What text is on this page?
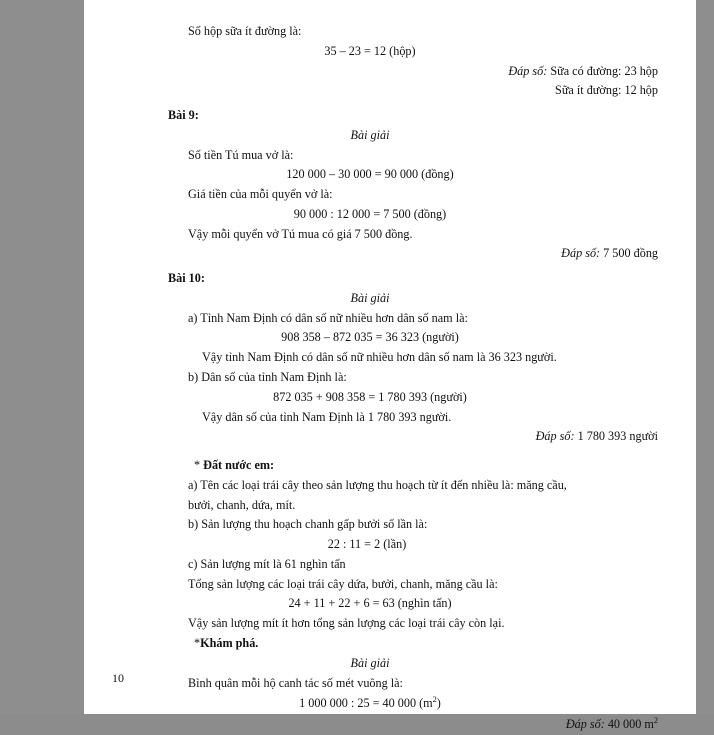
Số hộp sữa ít đường là:
35 – 23 = 12 (hộp)
Đáp số: Sữa có đường: 23 hộp
Sữa ít đường: 12 hộp
Bài 9:
Bài giải
Số tiền Tú mua vở là:
120 000 – 30 000 = 90 000 (đồng)
Giá tiền của mỗi quyển vở là:
90 000 : 12 000 = 7 500 (đồng)
Vậy mỗi quyển vở Tú mua có giá 7 500 đồng.
Đáp số: 7 500 đồng
Bài 10:
Bài giải
a) Tỉnh Nam Định có dân số nữ nhiều hơn dân số nam là:
908 358 – 872 035 = 36 323 (người)
Vậy tỉnh Nam Định có dân số nữ nhiều hơn dân số nam là 36 323 người.
b) Dân số của tỉnh Nam Định là:
872 035 + 908 358 = 1 780 393 (người)
Vậy dân số của tỉnh Nam Định là 1 780 393 người.
Đáp số: 1 780 393 người
* Đất nước em:
a) Tên các loại trái cây theo sản lượng thu hoạch từ ít đến nhiều là: măng cầu,
bưởi, chanh, dứa, mít.
b) Sản lượng thu hoạch chanh gấp bưởi số lần là:
22 : 11 = 2 (lần)
c) Sản lượng mít là 61 nghìn tấn
Tổng sản lượng các loại trái cây dứa, bưởi, chanh, măng cầu là:
24 + 11 + 22 + 6 = 63 (nghìn tấn)
Vậy sản lượng mít ít hơn tổng sản lượng các loại trái cây còn lại.
*Khám phá.
Bài giải
Bình quân mỗi hộ canh tác số mét vuông là:
1 000 000 : 25 = 40 000 $(m^2)$
Đáp số: 40 000 $m^2$
10
